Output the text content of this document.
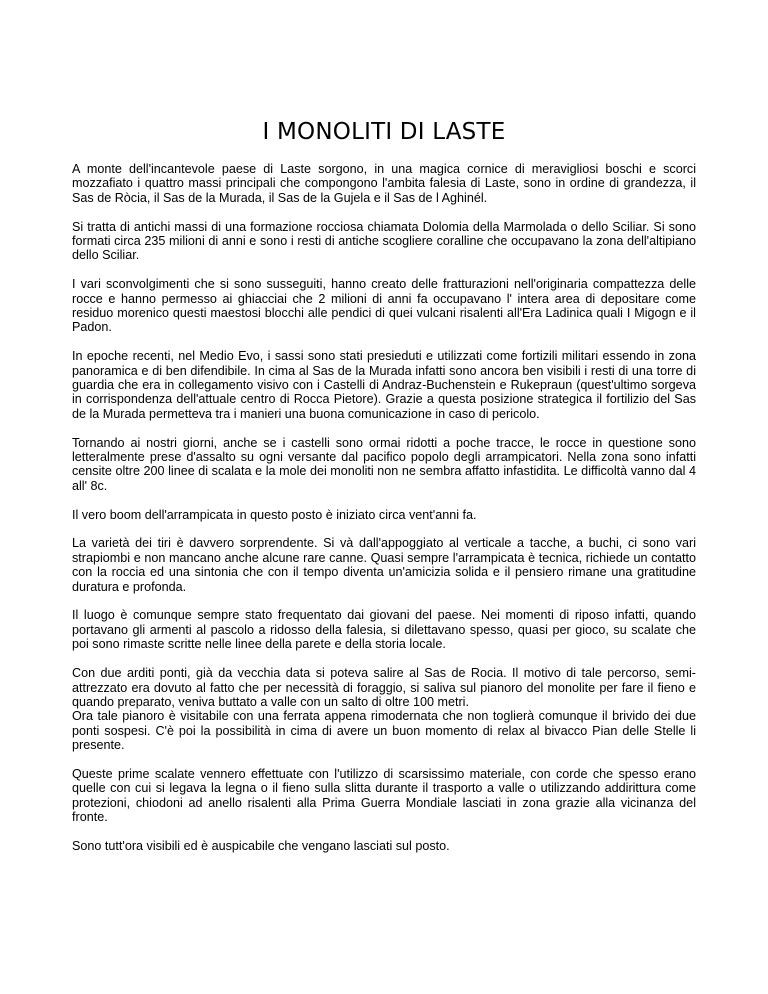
I MONOLITI DI LASTE

A monte dell'incantevole paese di Laste sorgono, in una magica cornice di meravigliosi boschi e scorci mozzafiato i quattro massi principali che compongono l'ambita falesia di Laste, sono in ordine di grandezza, il Sas de Ròcia, il Sas de la Murada, il Sas de la Gujela e il Sas de l Aghinél.

Si tratta di antichi massi di una formazione rocciosa chiamata Dolomia della Marmolada o dello Sciliar. Si sono formati circa 235 milioni di anni e sono i resti di antiche scogliere coralline che occupavano la zona dell'altipiano dello Sciliar.

I vari sconvolgimenti che si sono susseguiti, hanno creato delle fratturazioni nell'originaria compattezza delle rocce e hanno permesso ai ghiacciai che 2 milioni di anni fa occupavano l' intera area di depositare come residuo morenico questi maestosi blocchi alle pendici di quei vulcani risalenti all'Era Ladinica quali I Migogn e il Padon.

In epoche recenti, nel Medio Evo, i sassi sono stati presieduti e utilizzati come fortizili militari essendo in zona panoramica e di ben difendibile. In cima al Sas de la Murada infatti sono ancora ben visibili i resti di una torre di guardia che era in collegamento visivo con i Castelli di Andraz-Buchenstein e Rukepraun (quest'ultimo sorgeva in corrispondenza dell'attuale centro di Rocca Pietore). Grazie a questa posizione strategica il fortilizio del Sas de la Murada permetteva tra i manieri una buona comunicazione in caso di pericolo.

Tornando ai nostri giorni, anche se i castelli sono ormai ridotti a poche tracce, le rocce in questione sono letteralmente prese d'assalto su ogni versante dal pacifico popolo degli arrampicatori. Nella zona sono infatti censite oltre 200 linee di scalata e la mole dei monoliti non ne sembra affatto infastidita. Le difficoltà vanno dal 4 all' 8c.

Il vero boom dell'arrampicata in questo posto è iniziato circa vent'anni fa.

La varietà dei tiri è davvero sorprendente. Si và dall'appoggiato al verticale a tacche, a buchi, ci sono vari strapiombi e non mancano anche alcune rare canne. Quasi sempre l'arrampicata è tecnica, richiede un contatto con la roccia ed una sintonia che con il tempo diventa un'amicizia solida e il pensiero rimane una gratitudine duratura e profonda.

Il luogo è comunque sempre stato frequentato dai giovani del paese. Nei momenti di riposo infatti, quando portavano gli armenti al pascolo a ridosso della falesia, si dilettavano spesso, quasi per gioco, su scalate che poi sono rimaste scritte nelle linee della parete e della storia locale.

Con due arditi ponti, già da vecchia data si poteva salire al Sas de Rocia. Il motivo di tale percorso, semi-attrezzato era dovuto al fatto che per necessità di foraggio, si saliva sul pianoro del monolite per fare il fieno e quando preparato, veniva buttato a valle con un salto di oltre 100 metri.
Ora tale pianoro è visitabile con una ferrata appena rimodernata che non toglierà comunque il brivido dei due ponti sospesi. C'è poi la possibilità in cima di avere un buon momento di relax al bivacco Pian delle Stelle li presente.

Queste prime scalate vennero effettuate con l'utilizzo di scarsissimo materiale, con corde che spesso erano quelle con cui si legava la legna o il fieno sulla slitta durante il trasporto a valle o utilizzando addirittura come protezioni, chiodoni ad anello risalenti alla Prima Guerra Mondiale lasciati in zona grazie alla vicinanza del fronte.

Sono tutt'ora visibili ed è auspicabile che vengano lasciati sul posto.
